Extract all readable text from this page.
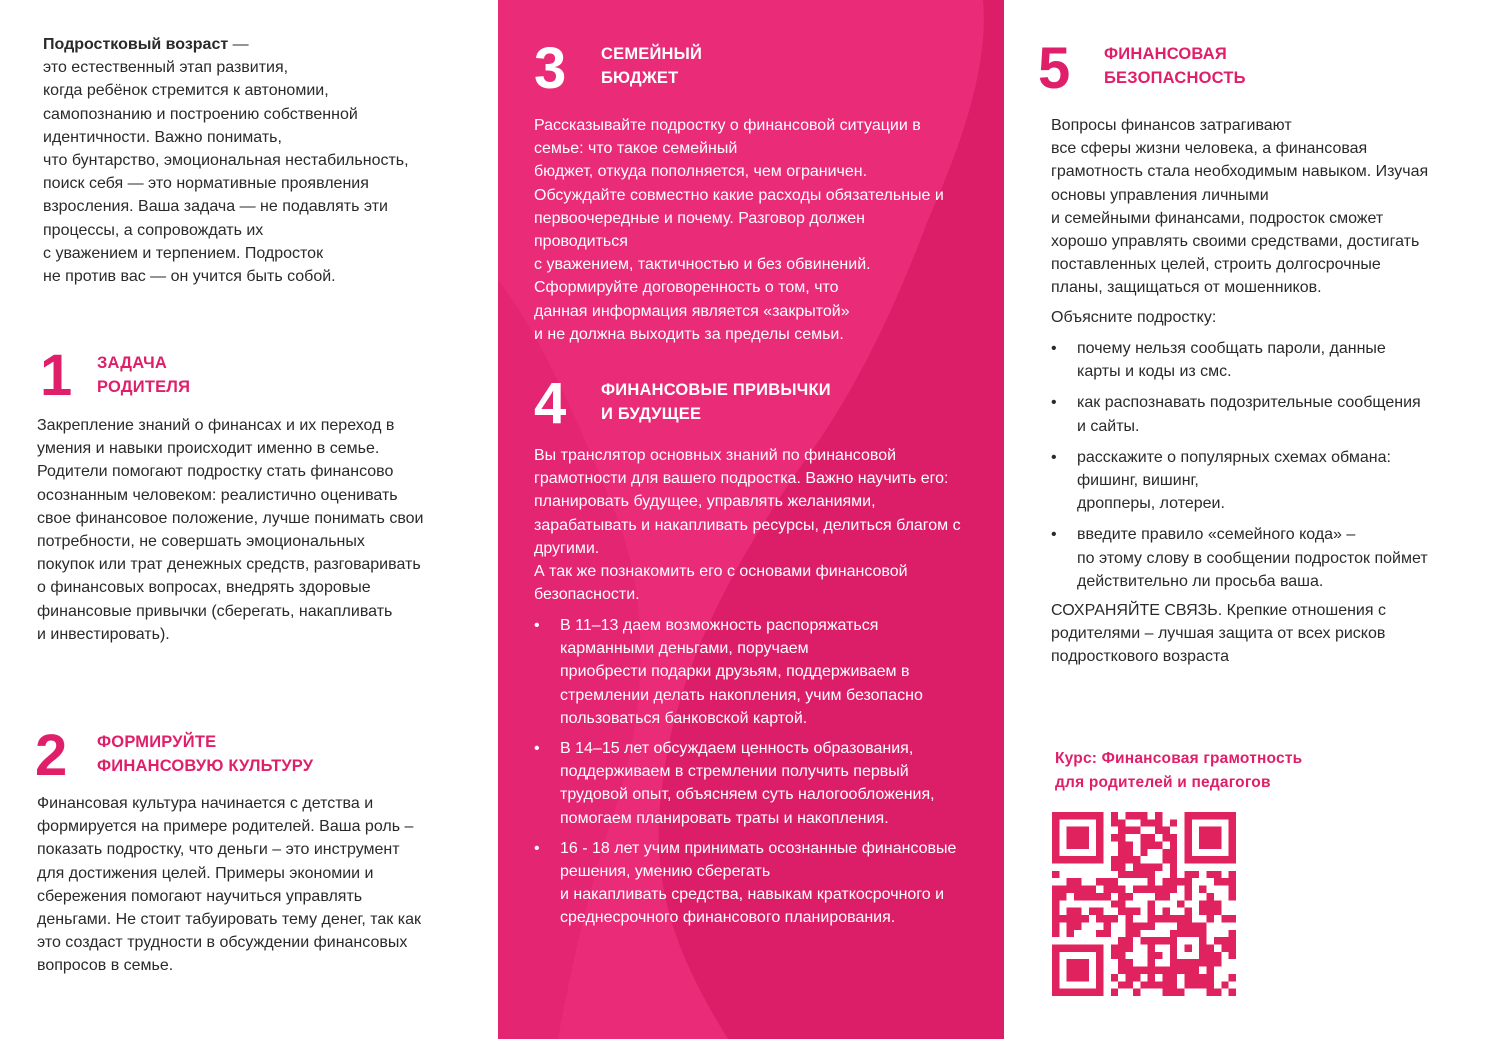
Подростковый возраст —
это естественный этап развития,
когда ребёнок стремится к автономии,
самопознанию и построению собственной
идентичности. Важно понимать,
что бунтарство, эмоциональная нестабильность,
поиск себя — это нормативные проявления
взросления. Ваша задача — не подавлять эти
процессы, а сопровождать их
с уважением и терпением. Подросток
не против вас — он учится быть собой.

1 ЗАДАЧА
РОДИТЕЛЯ

Закрепление знаний о финансах и их переход в
умения и навыки происходит именно в семье.
Родители помогают подростку стать финансово
осознанным человеком: реалистично оценивать
свое финансовое положение, лучше понимать свои
потребности, не совершать эмоциональных
покупок или трат денежных средств, разговаривать
о финансовых вопросах, внедрять здоровые
финансовые привычки (сберегать, накапливать
и инвестировать).

2 ФОРМИРУЙТЕ
ФИНАНСОВУЮ КУЛЬТУРУ

Финансовая культура начинается с детства и
формируется на примере родителей. Ваша роль –
показать подростку, что деньги – это инструмент
для достижения целей. Примеры экономии и
сбережения помогают научиться управлять
деньгами. Не стоит табуировать тему денег, так как
это создаст трудности в обсуждении финансовых
вопросов в семье.

3 СЕМЕЙНЫЙ
БЮДЖЕТ

Рассказывайте подростку о финансовой ситуации в
семье: что такое семейный
бюджет, откуда пополняется, чем ограничен.
Обсуждайте совместно какие расходы обязательные и
первоочередные и почему. Разговор должен
проводиться
с уважением, тактичностью и без обвинений.
Сформируйте договоренность о том, что
данная информация является «закрытой»
и не должна выходить за пределы семьи.

4 ФИНАНСОВЫЕ ПРИВЫЧКИ
И БУДУЩЕЕ

Вы транслятор основных знаний по финансовой
грамотности для вашего подростка. Важно научить его:
планировать будущее, управлять желаниями,
зарабатывать и накапливать ресурсы, делиться благом с
другими.
А так же познакомить его с основами финансовой
безопасности.

• В 11–13 даем возможность распоряжаться
карманными деньгами, поручаем
приобрести подарки друзьям, поддерживаем в
стремлении делать накопления, учим безопасно
пользоваться банковской картой.
• В 14–15 лет обсуждаем ценность образования,
поддерживаем в стремлении получить первый
трудовой опыт, объясняем суть налогообложения,
помогаем планировать траты и накопления.
• 16 - 18 лет учим принимать осознанные финансовые
решения, умению сберегать
и накапливать средства, навыкам краткосрочного и
среднесрочного финансового планирования.
5 ФИНАНСОВАЯ
БЕЗОПАСНОСТЬ

Вопросы финансов затрагивают
все сферы жизни человека, а финансовая
грамотность стала необходимым навыком. Изучая
основы управления личными
и семейными финансами, подросток сможет
хорошо управлять своими средствами, достигать
поставленных целей, строить долгосрочные
планы, защищаться от мошенников.

Объясните подростку:

• почему нельзя сообщать пароли, данные
карты и коды из смс.
• как распознавать подозрительные сообщения
и сайты.
• расскажите о популярных схемах обмана:
фишинг, вишинг,
дропперы, лотереи.
• введите правило «семейного кода» –
по этому слову в сообщении подросток поймет
действительно ли просьба ваша.

СОХРАНЯЙТЕ СВЯЗЬ. Крепкие отношения с
родителями – лучшая защита от всех рисков
подросткового возраста

Курс: Финансовая грамотность
для родителей и педагогов
